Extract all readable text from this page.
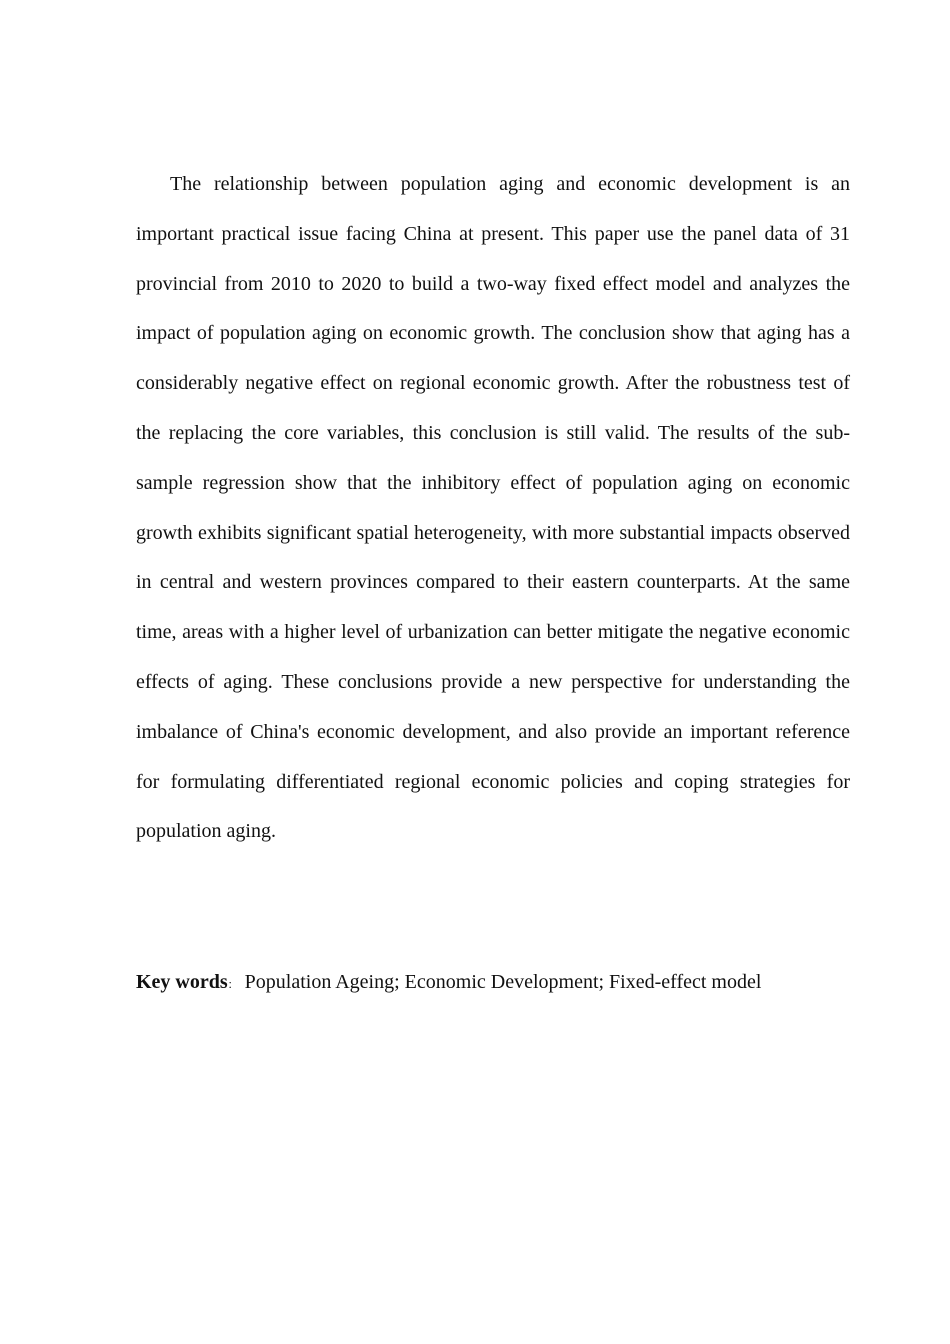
The relationship between population aging and economic development is an important practical issue facing China at present. This paper use the panel data of 31 provincial from 2010 to 2020 to build a two-way fixed effect model and analyzes the impact of population aging on economic growth. The conclusion show that aging has a considerably negative effect on regional economic growth. After the robustness test of the replacing the core variables, this conclusion is still valid. The results of the sub-sample regression show that the inhibitory effect of population aging on economic growth exhibits significant spatial heterogeneity, with more substantial impacts observed in central and western provinces compared to their eastern counterparts. At the same time, areas with a higher level of urbanization can better mitigate the negative economic effects of aging. These conclusions provide a new perspective for understanding the imbalance of China's economic development, and also provide an important reference for formulating differentiated regional economic policies and coping strategies for population aging.

Key words： Population Ageing; Economic Development; Fixed-effect model
